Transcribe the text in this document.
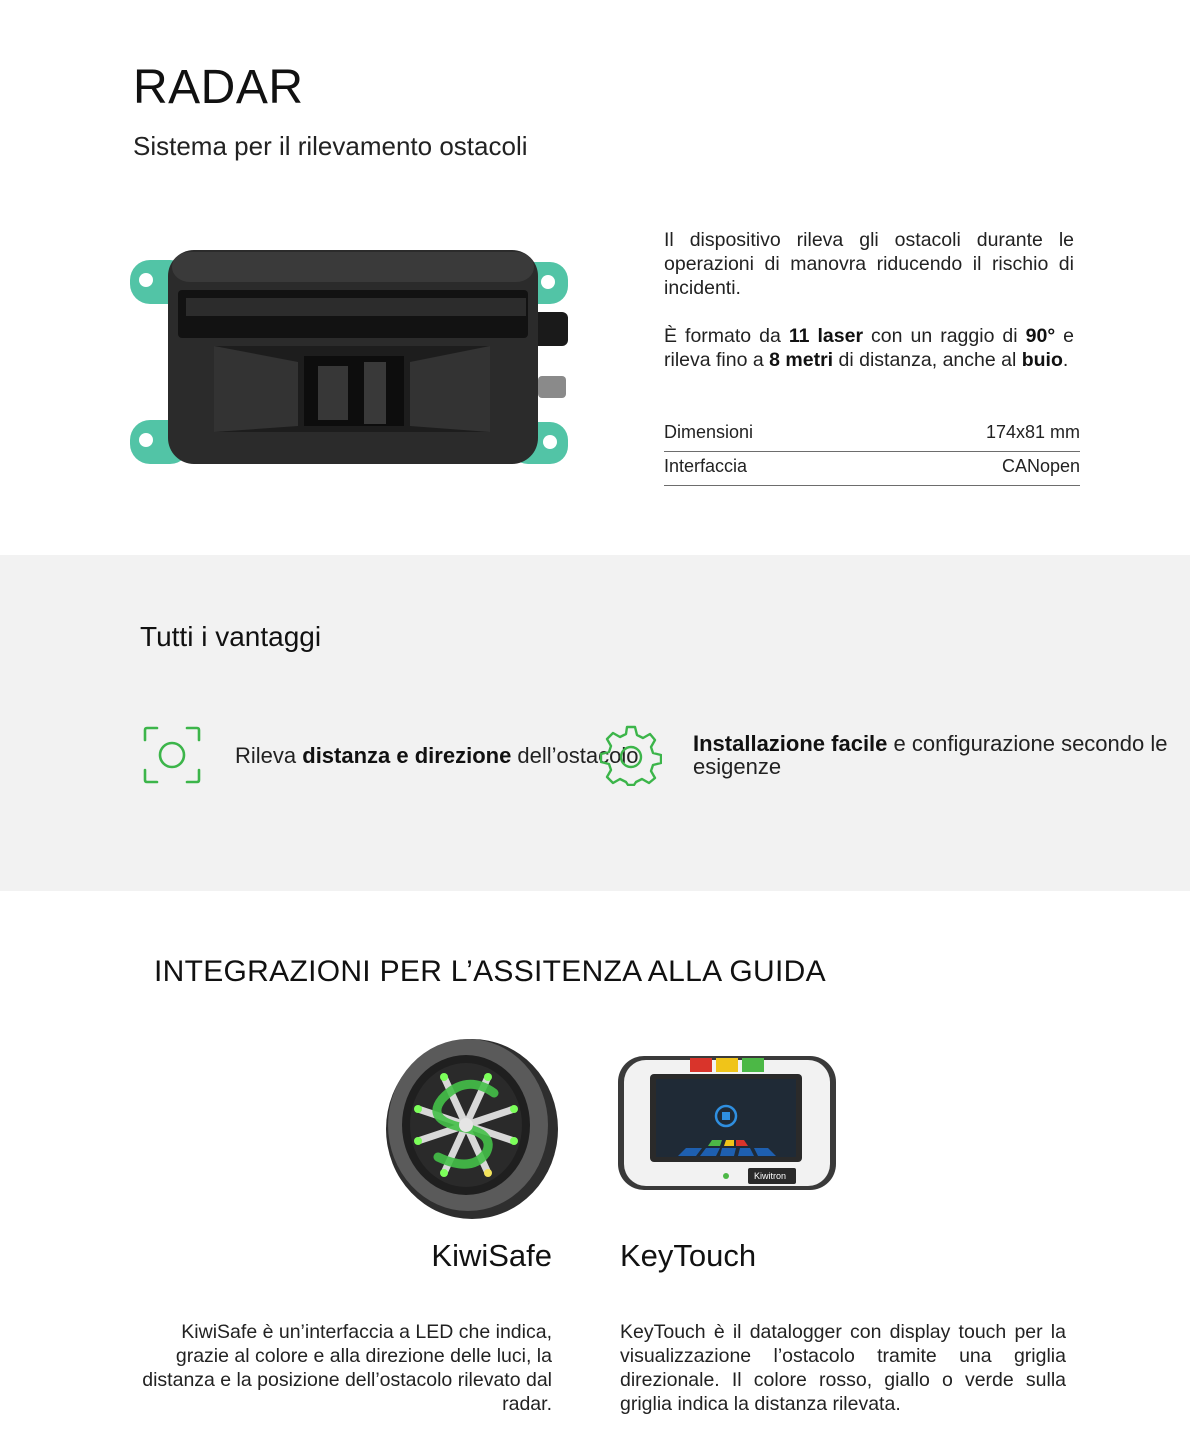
RADAR
Sistema per il rilevamento ostacoli

Il dispositivo rileva gli ostacoli durante le operazioni di manovra riducendo il rischio di incidenti.

È formato da 11 laser con un raggio di 90° e rileva fino a 8 metri di distanza, anche al buio.

Dimensioni	174x81 mm
Interfaccia	CANopen
Tutti i vantaggi
Rileva distanza e direzione dell’ostacolo Installazione facile e configurazione secondo le esigenze
INTEGRAZIONI PER L’ASSITENZA ALLA GUIDA
Kiwitron
KiwiSafe KeyTouch
KiwiSafe è un’interfaccia a LED che indica, grazie al colore e alla direzione delle luci, la distanza e la posizione dell’ostacolo rilevato dal radar.
KeyTouch è il datalogger con display touch per la visualizzazione l’ostacolo tramite una griglia direzionale. Il colore rosso, giallo o verde sulla griglia indica la distanza rilevata.
